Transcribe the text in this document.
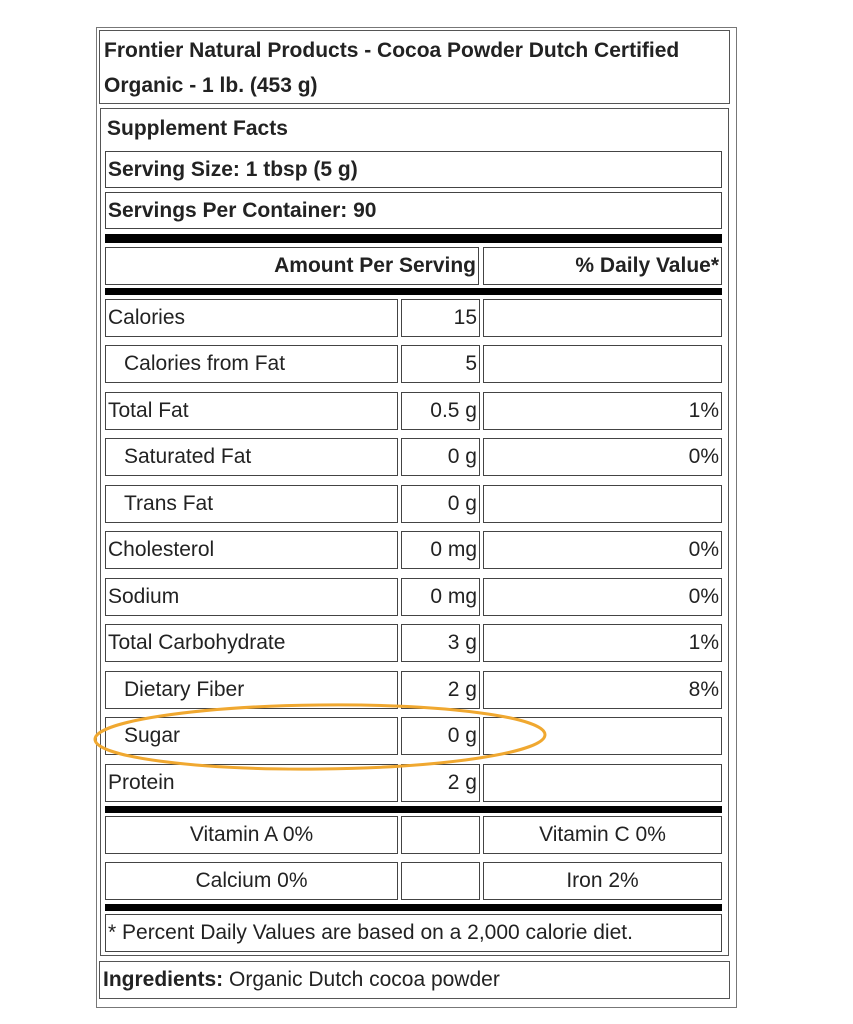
Frontier Natural Products - Cocoa Powder Dutch Certified Organic - 1 lb. (453 g)
Supplement Facts
Serving Size: 1 tbsp (5 g)
Servings Per Container: 90
Amount Per Serving	% Daily Value*
Calories	15
Calories from Fat	5
Total Fat	0.5 g	1%
Saturated Fat	0 g	0%
Trans Fat	0 g
Cholesterol	0 mg	0%
Sodium	0 mg	0%
Total Carbohydrate	3 g	1%
Dietary Fiber	2 g	8%
Sugar	0 g
Protein	2 g
Vitamin A 0%	Vitamin C 0%
Calcium 0%	Iron 2%
* Percent Daily Values are based on a 2,000 calorie diet.
Ingredients: Organic Dutch cocoa powder
